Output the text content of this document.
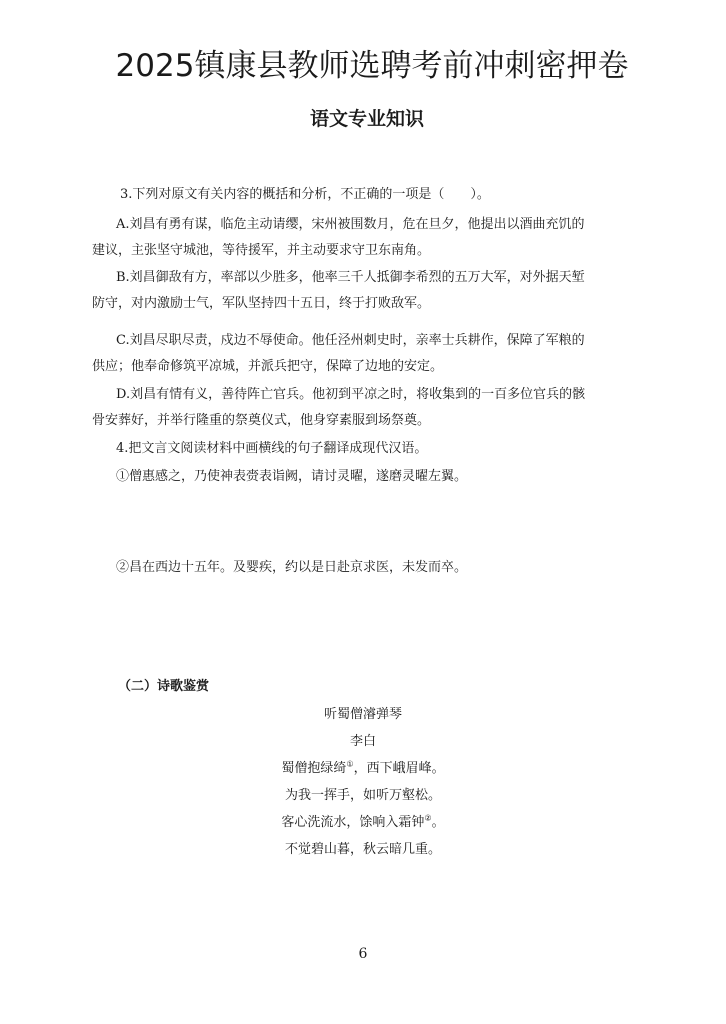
2025镇康县教师选聘考前冲刺密押卷
语文专业知识
3.下列对原文有关内容的概括和分析，不正确的一项是（　　）。
A.刘昌有勇有谋，临危主动请缨，宋州被围数月，危在旦夕，他提出以酒曲充饥的
建议，主张坚守城池，等待援军，并主动要求守卫东南角。
B.刘昌御敌有方，率部以少胜多，他率三千人抵御李希烈的五万大军，对外据天堑
防守，对内激励士气，军队坚持四十五日，终于打败敌军。
C.刘昌尽职尽责，戍边不辱使命。他任泾州刺史时，亲率士兵耕作，保障了军粮的
供应；他奉命修筑平凉城，并派兵把守，保障了边地的安定。
D.刘昌有情有义，善待阵亡官兵。他初到平凉之时，将收集到的一百多位官兵的骸
骨安葬好，并举行隆重的祭奠仪式，他身穿素服到场祭奠。
4.把文言文阅读材料中画横线的句子翻译成现代汉语。
①僧惠感之，乃使神表赍表诣阙，请讨灵曜，遂磨灵曜左翼。
②昌在西边十五年。及婴疾，约以是日赴京求医，未发而卒。
（二）诗歌鉴赏
听蜀僧濬弹琴
李白
蜀僧抱绿绮①，西下峨眉峰。
为我一挥手，如听万壑松。
客心洗流水，馀响入霜钟②。
不觉碧山暮，秋云暗几重。
6
